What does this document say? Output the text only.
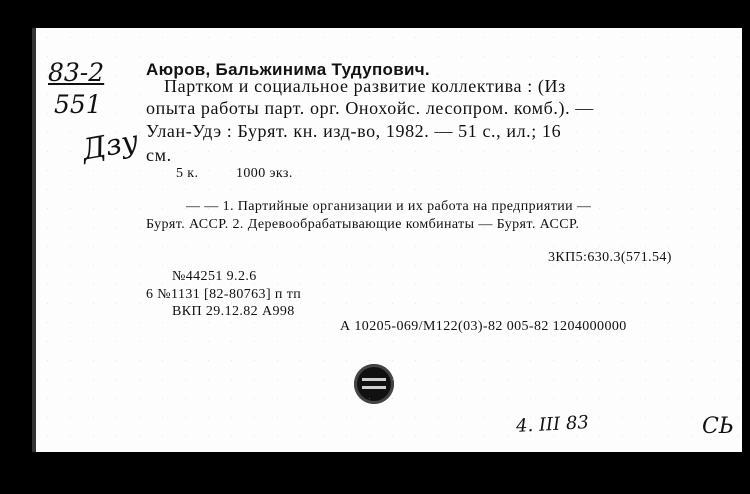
83-2
551
Дзу
Аюров, Бальжинима Тудупович.
Партком и социальное развитие коллектива : (Из
опыта работы парт. орг. Онохойс. лесопром. комб.). —
Улан-Удэ : Бурят. кн. изд-во, 1982. — 51 с., ил.; 16
см.
5 к.	1000 экз.
— — 1. Партийные организации и их работа на предприятии —
Бурят. АССР. 2. Деревообрабатывающие комбинаты — Бурят. АССР.
3КП5:630.3(571.54)
№44251 9.2.6
6 №1131 [82-80763] п тп
ВКП 29.12.82 А998
А 10205-069/М122(03)-82 005-82 1204000000
4. III 83	СЬ
